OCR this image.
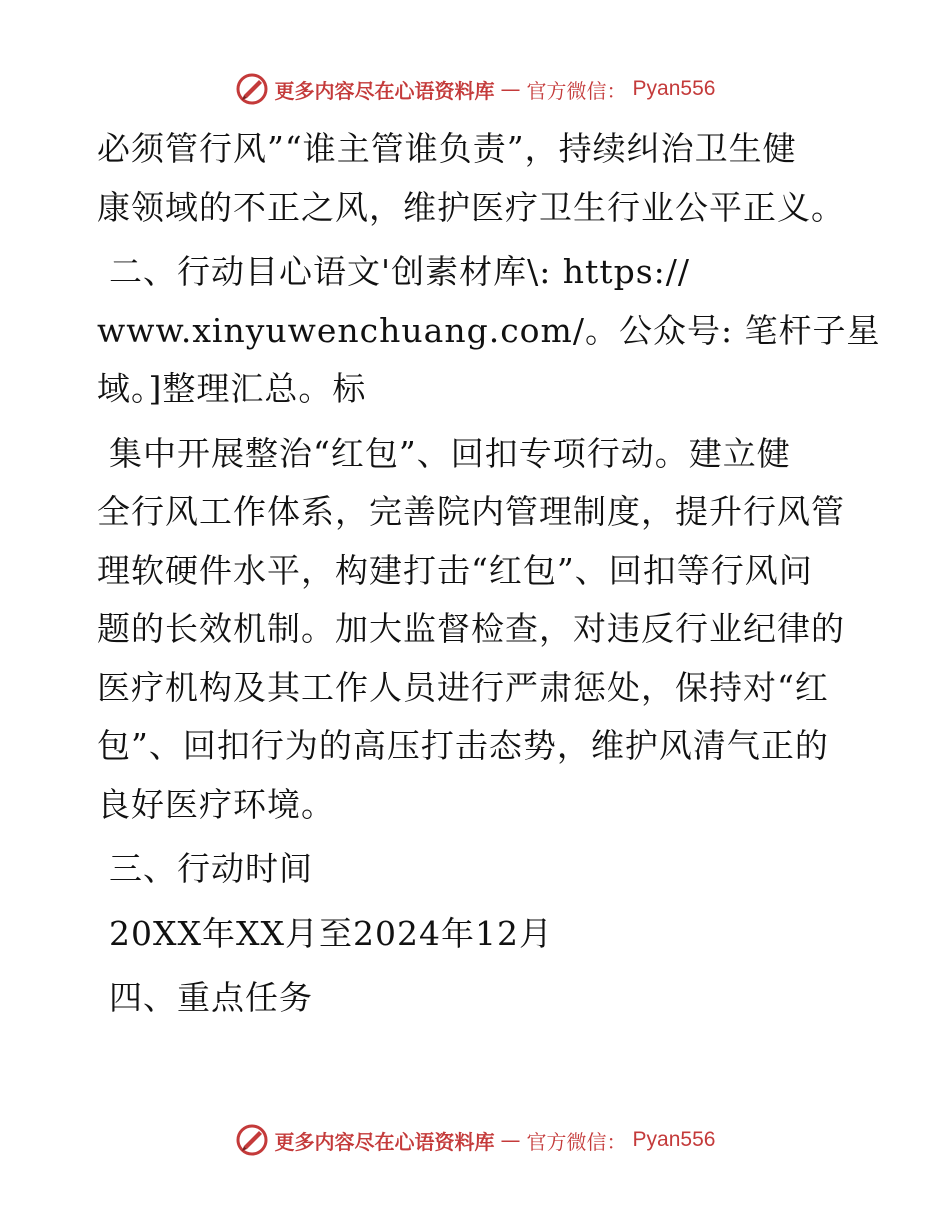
更多内容尽在心语资料库 — 官方微信： Pyan556
必须管行风”“谁主管谁负责”，持续纠治卫生健
康领域的不正之风，维护医疗卫生行业公平正义。
二、行动目心语文'创素材库\: https://
www.xinyuwenchuang.com/。公众号: 笔杆子星
域。]整理汇总。标
集中开展整治“红包”、回扣专项行动。建立健
全行风工作体系，完善院内管理制度，提升行风管
理软硬件水平，构建打击“红包”、回扣等行风问
题的长效机制。加大监督检查，对违反行业纪律的
医疗机构及其工作人员进行严肃惩处，保持对“红
包”、回扣行为的高压打击态势，维护风清气正的
良好医疗环境。
三、行动时间
20XX年XX月至2024年12月
四、重点任务
更多内容尽在心语资料库 — 官方微信： Pyan556
